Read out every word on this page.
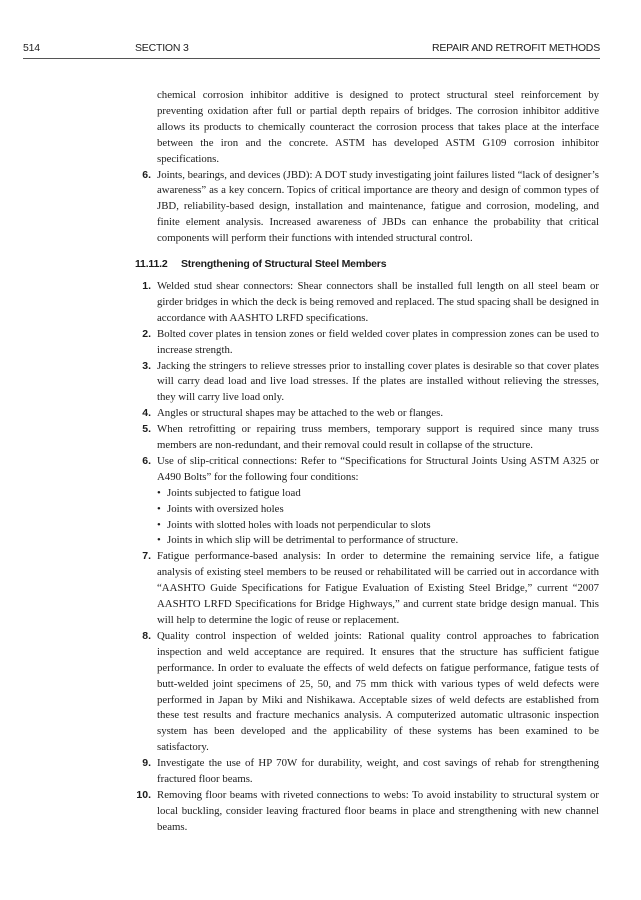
514	SECTION 3	REPAIR AND RETROFIT METHODS

chemical corrosion inhibitor additive is designed to protect structural steel reinforcement by preventing oxidation after full or partial depth repairs of bridges. The corrosion inhibitor additive allows its products to chemically counteract the corrosion process that takes place at the interface between the iron and the concrete. ASTM has developed ASTM G109 corrosion inhibitor specifications.

6. Joints, bearings, and devices (JBD): A DOT study investigating joint failures listed “lack of designer’s awareness” as a key concern. Topics of critical importance are theory and design of common types of JBD, reliability-based design, installation and maintenance, fatigue and corrosion, modeling, and finite element analysis. Increased awareness of JBDs can enhance the probability that critical components will perform their functions with intended structural control.

11.11.2 Strengthening of Structural Steel Members
1. Welded stud shear connectors: Shear connectors shall be installed full length on all steel beam or girder bridges in which the deck is being removed and replaced. The stud spacing shall be designed in accordance with AASHTO LRFD specifications.

2. Bolted cover plates in tension zones or field welded cover plates in compression zones can be used to increase strength.

3. Jacking the stringers to relieve stresses prior to installing cover plates is desirable so that cover plates will carry dead load and live load stresses. If the plates are installed without relieving the stresses, they will carry live load only.

4. Angles or structural shapes may be attached to the web or flanges.

5. When retrofitting or repairing truss members, temporary support is required since many truss members are non-redundant, and their removal could result in collapse of the structure.

6. Use of slip-critical connections: Refer to “Specifications for Structural Joints Using ASTM A325 or A490 Bolts” for the following four conditions:

• Joints subjected to fatigue load
• Joints with oversized holes
• Joints with slotted holes with loads not perpendicular to slots
• Joints in which slip will be detrimental to performance of structure.
7. Fatigue performance-based analysis: In order to determine the remaining service life, a fatigue analysis of existing steel members to be reused or rehabilitated will be carried out in accordance with “AASHTO Guide Specifications for Fatigue Evaluation of Existing Steel Bridge,” current “2007 AASHTO LRFD Specifications for Bridge Highways,” and current state bridge design manual. This will help to determine the logic of reuse or replacement.

8. Quality control inspection of welded joints: Rational quality control approaches to fabrication inspection and weld acceptance are required. It ensures that the structure has sufficient fatigue performance. In order to evaluate the effects of weld defects on fatigue performance, fatigue tests of butt-welded joint specimens of 25, 50, and 75 mm thick with various types of weld defects were performed in Japan by Miki and Nishikawa. Acceptable sizes of weld defects are established from these test results and fracture mechanics analysis. A computerized automatic ultrasonic inspection system has been developed and the applicability of these systems has been examined to be satisfactory.

9. Investigate the use of HP 70W for durability, weight, and cost savings of rehab for strengthening fractured floor beams.

10. Removing floor beams with riveted connections to webs: To avoid instability to structural system or local buckling, consider leaving fractured floor beams in place and strengthening with new channel beams.
